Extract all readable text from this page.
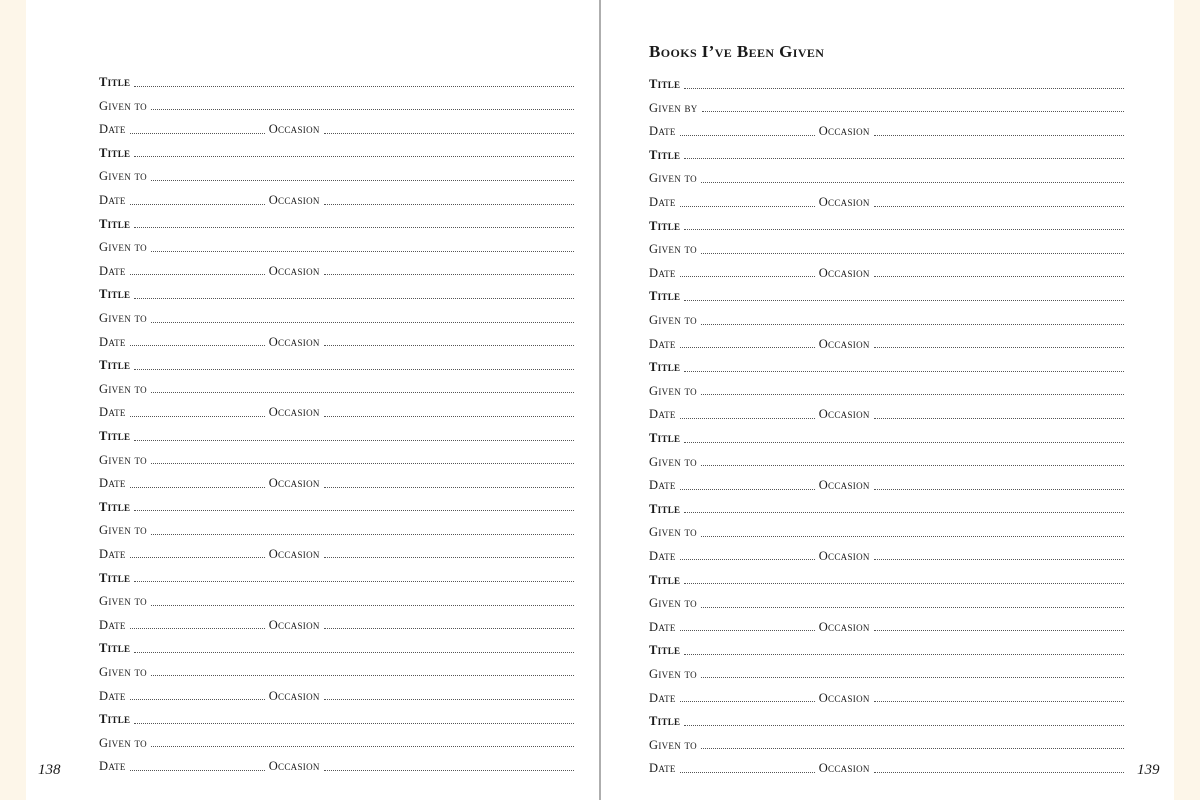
Title
Given to
Date	Occasion
Title
Given to
Date	Occasion
Title
Given to
Date	Occasion
Title
Given to
Date	Occasion
Title
Given to
Date	Occasion
Title
Given to
Date	Occasion
Title
Given to
Date	Occasion
Title
Given to
Date	Occasion
Title
Given to
Date	Occasion
Title
Given to
Date	Occasion
Books I’ve Been Given
Title
Given by
Date	Occasion
Title
Given to
Date	Occasion
Title
Given to
Date	Occasion
Title
Given to
Date	Occasion
Title
Given to
Date	Occasion
Title
Given to
Date	Occasion
Title
Given to
Date	Occasion
Title
Given to
Date	Occasion
Title
Given to
Date	Occasion
Title
Given to
Date	Occasion
138	139
